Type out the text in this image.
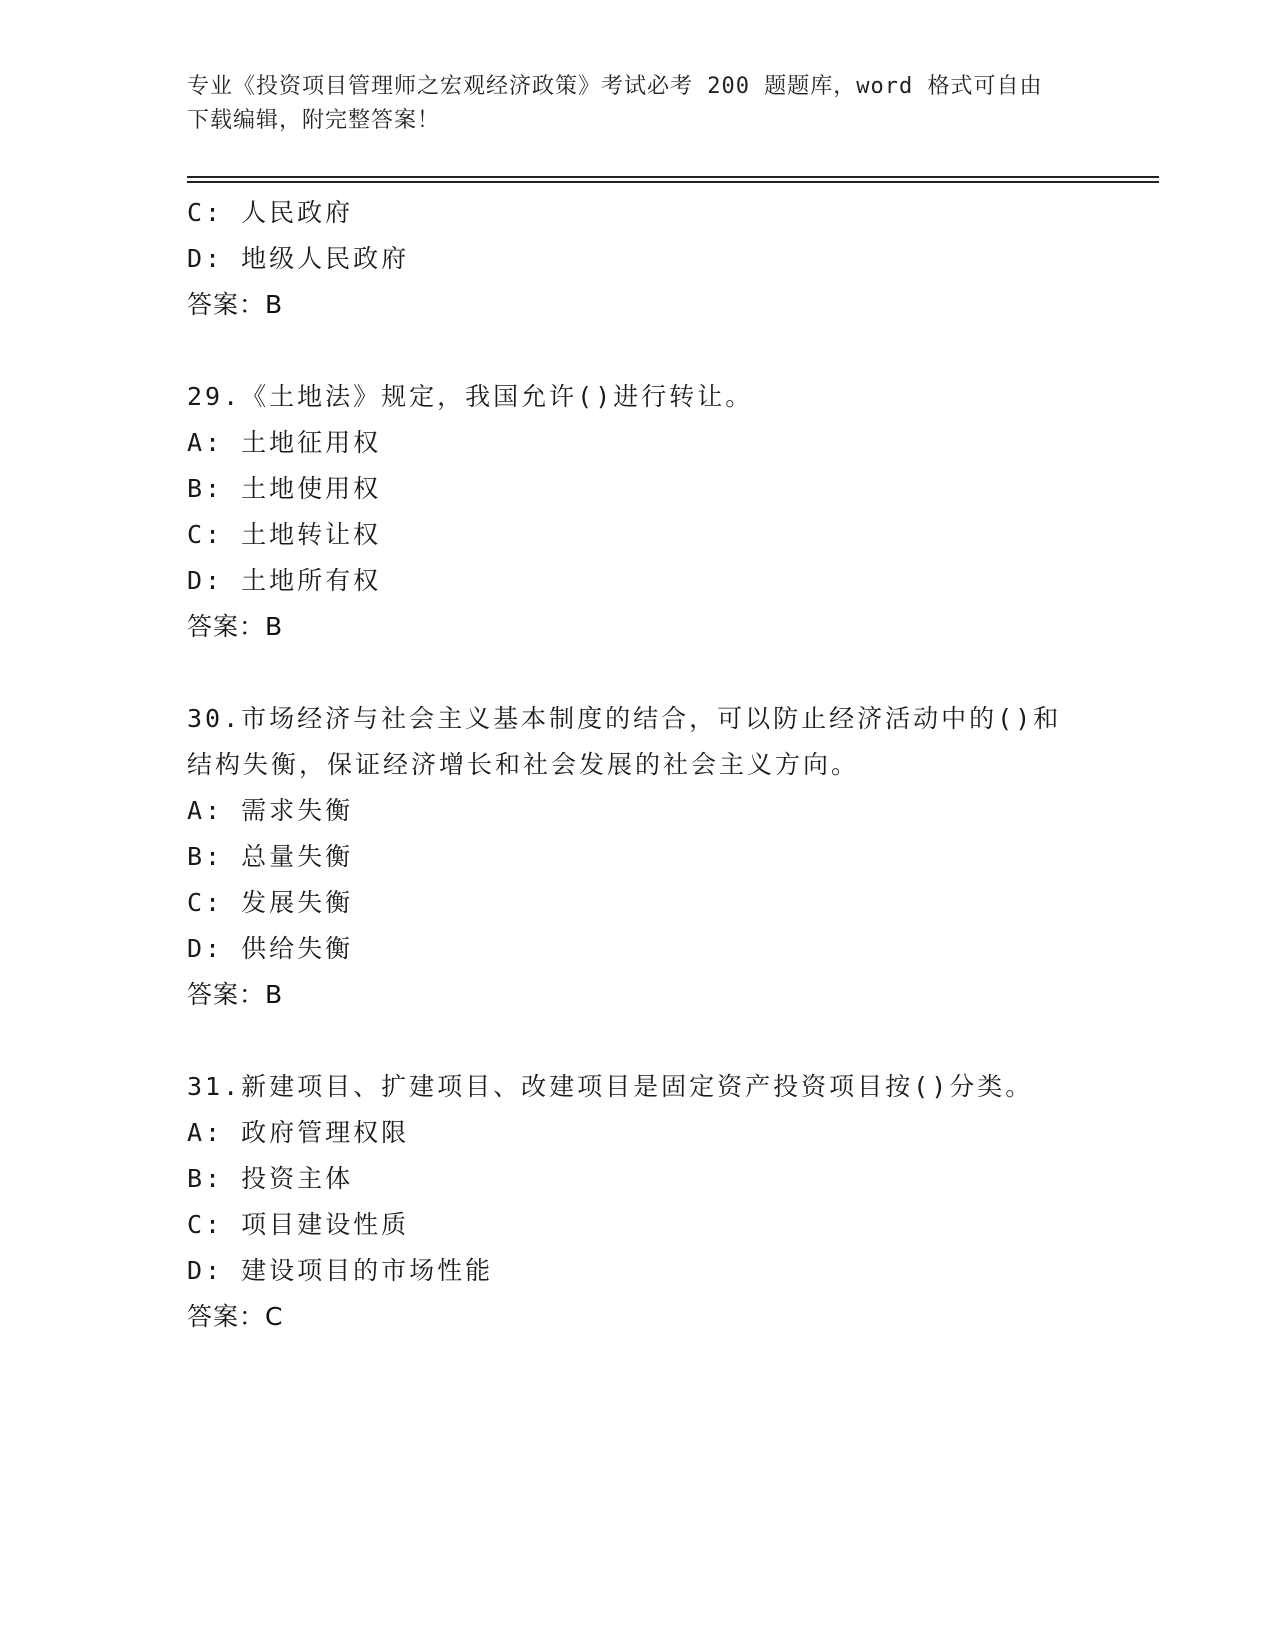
专业《投资项目管理师之宏观经济政策》考试必考 200 题题库，word 格式可自由
下载编辑，附完整答案！
C: 人民政府
D: 地级人民政府
答案：B
29.《土地法》规定，我国允许()进行转让。
A: 土地征用权
B: 土地使用权
C: 土地转让权
D: 土地所有权
答案：B
30.市场经济与社会主义基本制度的结合，可以防止经济活动中的()和
结构失衡，保证经济增长和社会发展的社会主义方向。
A: 需求失衡
B: 总量失衡
C: 发展失衡
D: 供给失衡
答案：B
31.新建项目、扩建项目、改建项目是固定资产投资项目按()分类。
A: 政府管理权限
B: 投资主体
C: 项目建设性质
D: 建设项目的市场性能
答案：C
